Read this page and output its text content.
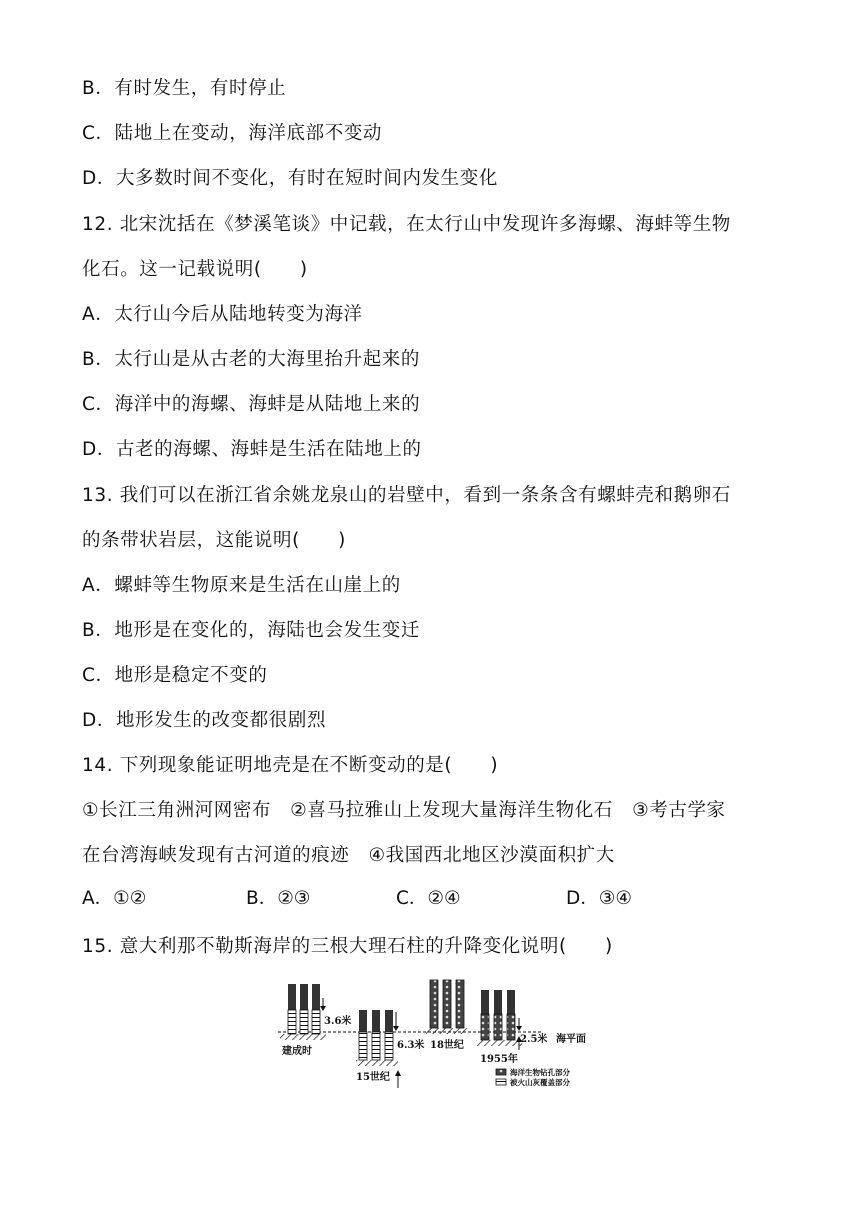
B．有时发生，有时停止
C．陆地上在变动，海洋底部不变动
D．大多数时间不变化，有时在短时间内发生变化
12. 北宋沈括在《梦溪笔谈》中记载，在太行山中发现许多海螺、海蚌等生物
化石。这一记载说明(　　)
A．太行山今后从陆地转变为海洋
B．太行山是从古老的大海里抬升起来的
C．海洋中的海螺、海蚌是从陆地上来的
D．古老的海螺、海蚌是生活在陆地上的
13. 我们可以在浙江省余姚龙泉山的岩壁中，看到一条条含有螺蚌壳和鹅卵石
的条带状岩层，这能说明(　　)
A．螺蚌等生物原来是生活在山崖上的
B．地形是在变化的，海陆也会发生变迁
C．地形是稳定不变的
D．地形发生的改变都很剧烈
14. 下列现象能证明地壳是在不断变动的是(　　)
①长江三角洲河网密布　②喜马拉雅山上发现大量海洋生物化石　③考古学家
在台湾海峡发现有古河道的痕迹　④我国西北地区沙漠面积扩大
A．①②	B．②③	C．②④	D．③④
15. 意大利那不勒斯海岸的三根大理石柱的升降变化说明(　　)
3.6米
建成时
6.3米
15世纪
18世纪
2.5米 海平面
1955年
海洋生物钻孔部分
被火山灰覆盖部分
